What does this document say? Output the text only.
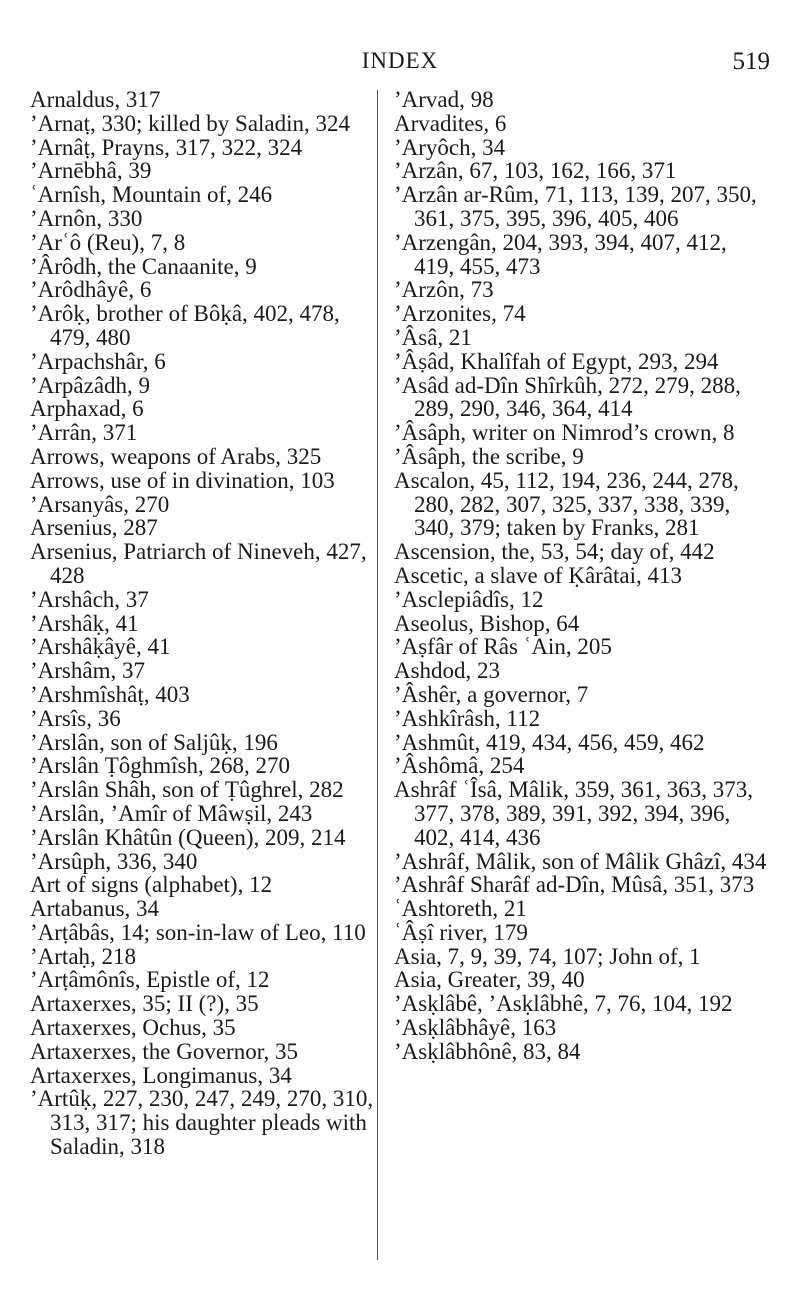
INDEX	519
Arnaldus, 317
’Arnaṭ, 330; killed by Saladin, 324
’Arnâṭ, Prayns, 317, 322, 324
’Arnēbhâ, 39
ʿArnîsh, Mountain of, 246
’Arnôn, 330
’Arʿô (Reu), 7, 8
’Ârôdh, the Canaanite, 9
’Arôdhâyê, 6
’Arôḳ, brother of Bôḳâ, 402, 478, 479, 480
’Arpachshâr, 6
’Arpâzâdh, 9
Arphaxad, 6
’Arrân, 371
Arrows, weapons of Arabs, 325
Arrows, use of in divination, 103
’Arsanyâs, 270
Arsenius, 287
Arsenius, Patriarch of Nineveh, 427, 428
’Arshâch, 37
’Arshâḳ, 41
’Arshâḳâyê, 41
’Arshâm, 37
’Arshmîshâṭ, 403
’Arsîs, 36
’Arslân, son of Saljûḳ, 196
’Arslân Ṭôghmîsh, 268, 270
’Arslân Shâh, son of Ṭûghrel, 282
’Arslân, ’Amîr of Mâwṣil, 243
’Arslân Khâtûn (Queen), 209, 214
’Arsûph, 336, 340
Art of signs (alphabet), 12
Artabanus, 34
’Arṭâbâs, 14; son-in-law of Leo, 110
’Artaḥ, 218
’Arṭâmônîs, Epistle of, 12
Artaxerxes, 35; II (?), 35
Artaxerxes, Ochus, 35
Artaxerxes, the Governor, 35
Artaxerxes, Longimanus, 34
’Artûḳ, 227, 230, 247, 249, 270, 310, 313, 317; his daughter pleads with Saladin, 318
’Arvad, 98
Arvadites, 6
’Aryôch, 34
’Arzân, 67, 103, 162, 166, 371
’Arzân ar-Rûm, 71, 113, 139, 207, 350, 361, 375, 395, 396, 405, 406
’Arzengân, 204, 393, 394, 407, 412, 419, 455, 473
’Arzôn, 73
’Arzonites, 74
’Âsâ, 21
’Âṣâd, Khalîfah of Egypt, 293, 294
’Asâd ad-Dîn Shîrkûh, 272, 279, 288, 289, 290, 346, 364, 414
’Âsâph, writer on Nimrod’s crown, 8
’Âsâph, the scribe, 9
Ascalon, 45, 112, 194, 236, 244, 278, 280, 282, 307, 325, 337, 338, 339, 340, 379; taken by Franks, 281
Ascension, the, 53, 54; day of, 442
Ascetic, a slave of Ḳârâtai, 413
’Asclepiâdîs, 12
Aseolus, Bishop, 64
’Aṣfâr of Râs ʿAin, 205
Ashdod, 23
’Âshêr, a governor, 7
’Ashkîrâsh, 112
’Ashmût, 419, 434, 456, 459, 462
’Âshômâ, 254
Ashrâf ʿÎsâ, Mâlik, 359, 361, 363, 373, 377, 378, 389, 391, 392, 394, 396, 402, 414, 436
’Ashrâf, Mâlik, son of Mâlik Ghâzî, 434
’Ashrâf Sharâf ad-Dîn, Mûsâ, 351, 373
ʿAshtoreth, 21
ʿÂṣî river, 179
Asia, 7, 9, 39, 74, 107; John of, 1
Asia, Greater, 39, 40
’Asḳlâbê, ’Asḳlâbhê, 7, 76, 104, 192
’Asḳlâbhâyê, 163
’Asḳlâbhônê, 83, 84
